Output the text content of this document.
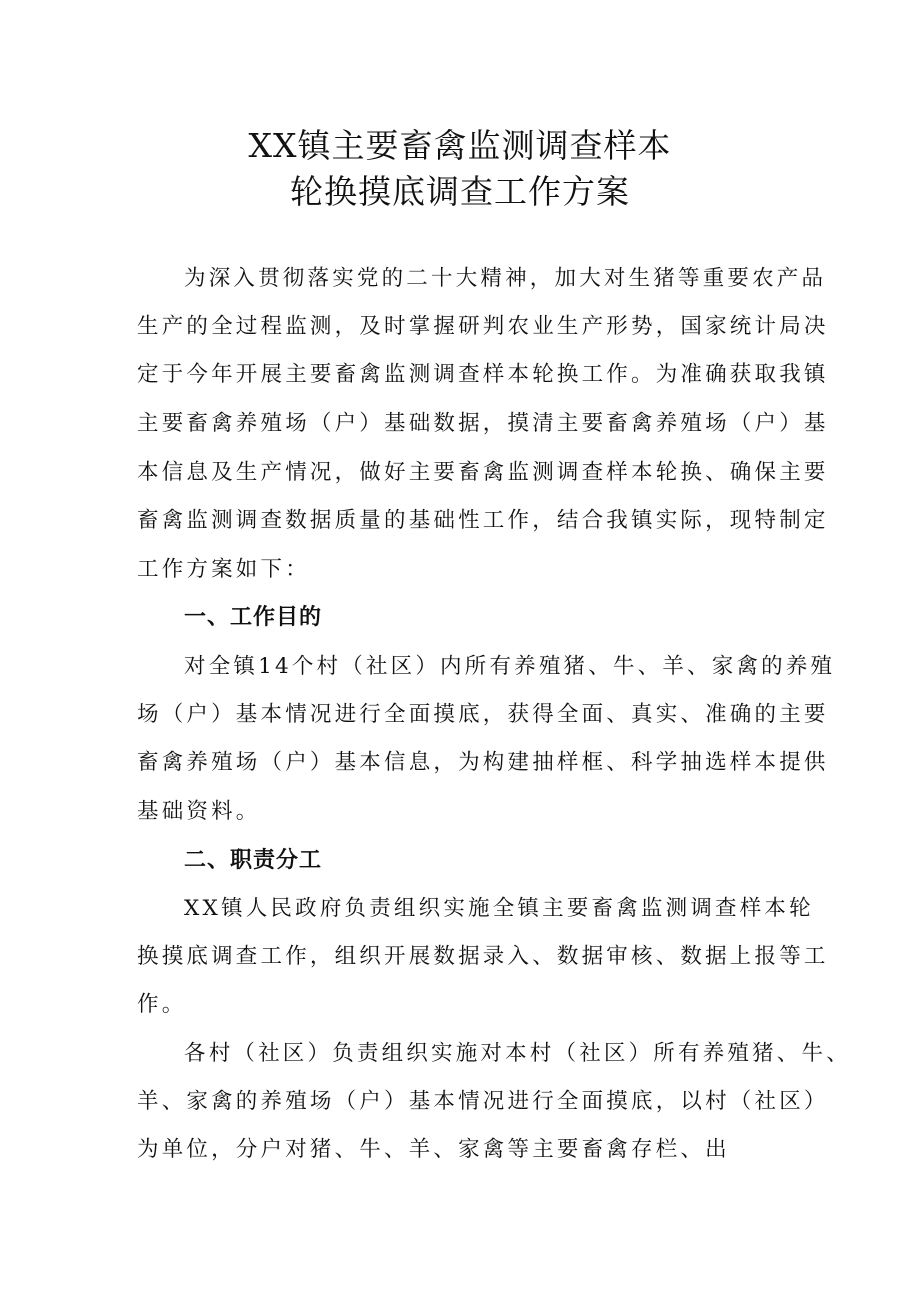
XX镇主要畜禽监测调查样本
轮换摸底调查工作方案
为深入贯彻落实党的二十大精神，加大对生猪等重要农产品
生产的全过程监测，及时掌握研判农业生产形势，国家统计局决
定于今年开展主要畜禽监测调查样本轮换工作。为准确获取我镇
主要畜禽养殖场（户）基础数据，摸清主要畜禽养殖场（户）基
本信息及生产情况，做好主要畜禽监测调查样本轮换、确保主要
畜禽监测调查数据质量的基础性工作，结合我镇实际，现特制定
工作方案如下：
一、工作目的
对全镇14个村（社区）内所有养殖猪、牛、羊、家禽的养殖
场（户）基本情况进行全面摸底，获得全面、真实、准确的主要
畜禽养殖场（户）基本信息，为构建抽样框、科学抽选样本提供
基础资料。
二、职责分工
XX镇人民政府负责组织实施全镇主要畜禽监测调查样本轮
换摸底调查工作，组织开展数据录入、数据审核、数据上报等工
作。
各村（社区）负责组织实施对本村（社区）所有养殖猪、牛、
羊、家禽的养殖场（户）基本情况进行全面摸底，以村（社区）
为单位，分户对猪、牛、羊、家禽等主要畜禽存栏、出
